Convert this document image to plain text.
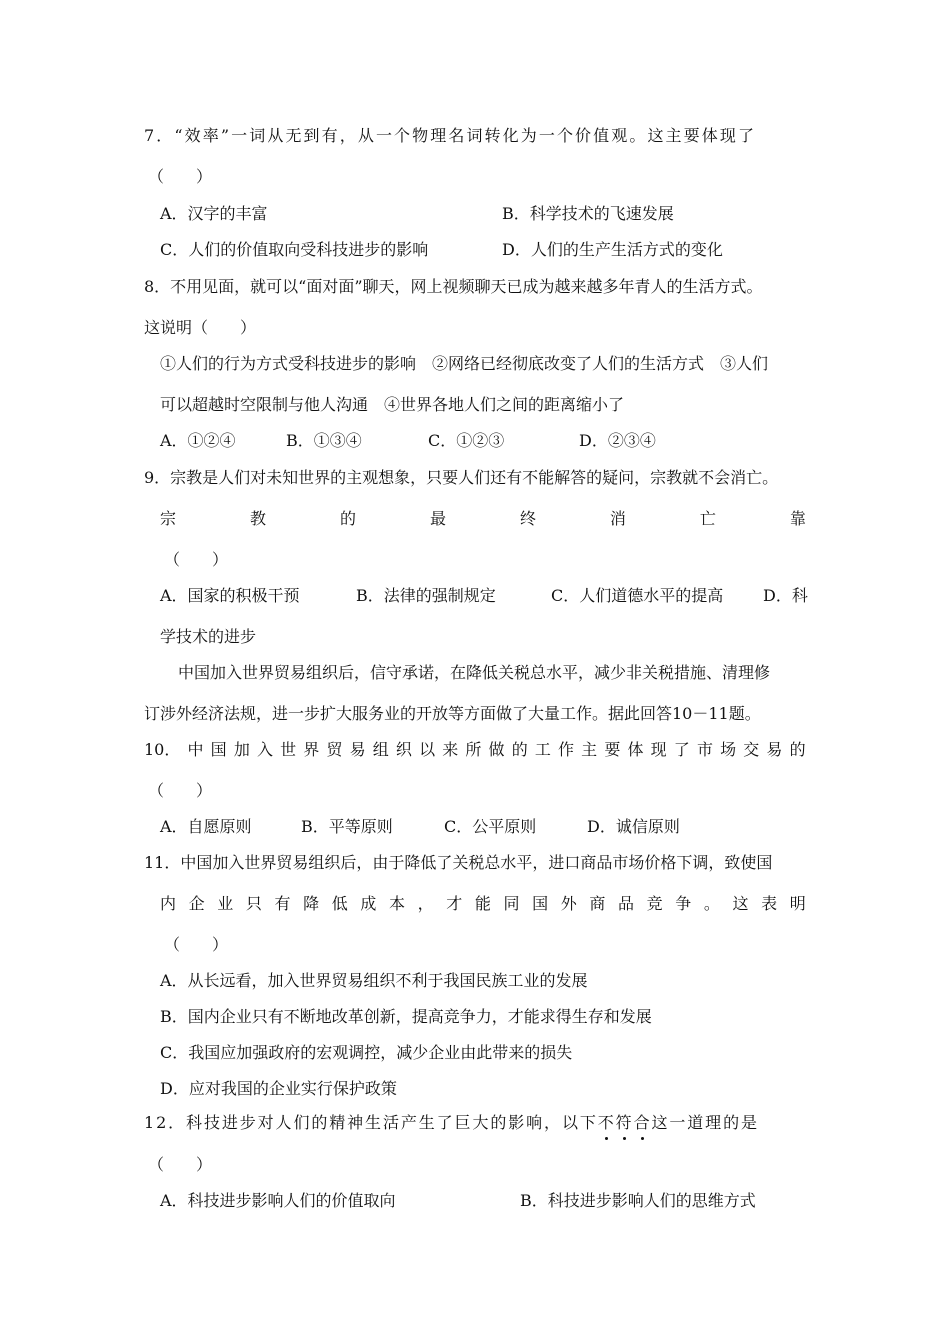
7．“效率”一词从无到有，从一个物理名词转化为一个价值观。这主要体现了
（　　）
A．汉字的丰富	B．科学技术的飞速发展
C．人们的价值取向受科技进步的影响	D．人们的生产生活方式的变化
8．不用见面，就可以“面对面”聊天，网上视频聊天已成为越来越多年青人的生活方式。
这说明（　　）
①人们的行为方式受科技进步的影响　②网络已经彻底改变了人们的生活方式　③人们
可以超越时空限制与他人沟通　④世界各地人们之间的距离缩小了
A．①②④	B．①③④	C．①②③	D．②③④
9．宗教是人们对未知世界的主观想象，只要人们还有不能解答的疑问，宗教就不会消亡。
宗	教	的	最	终	消	亡	靠
（　　）
A．国家的积极干预	B．法律的强制规定	C．人们道德水平的提高 D．科
学技术的进步
中国加入世界贸易组织后，信守承诺，在降低关税总水平，减少非关税措施、清理修
订涉外经济法规，进一步扩大服务业的开放等方面做了大量工作。据此回答10－11题。
10． 中 国 加 入 世 界 贸 易 组 织 以 来 所 做 的 工 作 主 要 体 现 了 市 场 交 易 的
（　　）
A．自愿原则	B．平等原则	C．公平原则	D．诚信原则
11．中国加入世界贸易组织后，由于降低了关税总水平，进口商品市场价格下调，致使国
内 企 业 只 有 降 低 成 本 ， 才 能 同 国 外 商 品 竞 争 。 这 表 明
（　　）
A．从长远看，加入世界贸易组织不利于我国民族工业的发展
B．国内企业只有不断地改革创新，提高竞争力，才能求得生存和发展
C．我国应加强政府的宏观调控，减少企业由此带来的损失
D．应对我国的企业实行保护政策
12．科技进步对人们的精神生活产生了巨大的影响，以下不符合这一道理的是
（　　）
A．科技进步影响人们的价值取向	B．科技进步影响人们的思维方式
